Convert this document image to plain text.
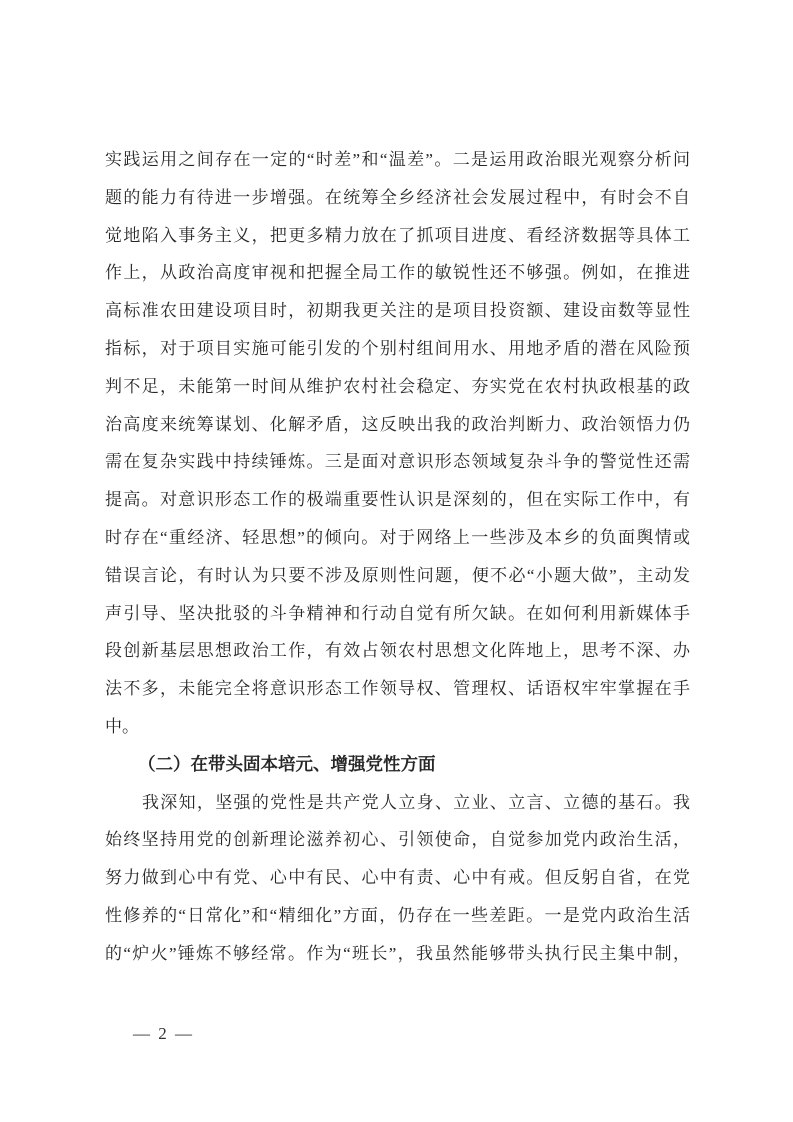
实践运用之间存在一定的“时差”和“温差”。二是运用政治眼光观察分析问
题的能力有待进一步增强。在统筹全乡经济社会发展过程中，有时会不自
觉地陷入事务主义，把更多精力放在了抓项目进度、看经济数据等具体工
作上，从政治高度审视和把握全局工作的敏锐性还不够强。例如，在推进
高标准农田建设项目时，初期我更关注的是项目投资额、建设亩数等显性
指标，对于项目实施可能引发的个别村组间用水、用地矛盾的潜在风险预
判不足，未能第一时间从维护农村社会稳定、夯实党在农村执政根基的政
治高度来统筹谋划、化解矛盾，这反映出我的政治判断力、政治领悟力仍
需在复杂实践中持续锤炼。三是面对意识形态领域复杂斗争的警觉性还需
提高。对意识形态工作的极端重要性认识是深刻的，但在实际工作中，有
时存在“重经济、轻思想”的倾向。对于网络上一些涉及本乡的负面舆情或
错误言论，有时认为只要不涉及原则性问题，便不必“小题大做”，主动发
声引导、坚决批驳的斗争精神和行动自觉有所欠缺。在如何利用新媒体手
段创新基层思想政治工作，有效占领农村思想文化阵地上，思考不深、办
法不多，未能完全将意识形态工作领导权、管理权、话语权牢牢掌握在手
中。
（二）在带头固本培元、增强党性方面
我深知，坚强的党性是共产党人立身、立业、立言、立德的基石。我
始终坚持用党的创新理论滋养初心、引领使命，自觉参加党内政治生活，
努力做到心中有党、心中有民、心中有责、心中有戒。但反躬自省，在党
性修养的“日常化”和“精细化”方面，仍存在一些差距。一是党内政治生活
的“炉火”锤炼不够经常。作为“班长”，我虽然能够带头执行民主集中制，
— 2 —
